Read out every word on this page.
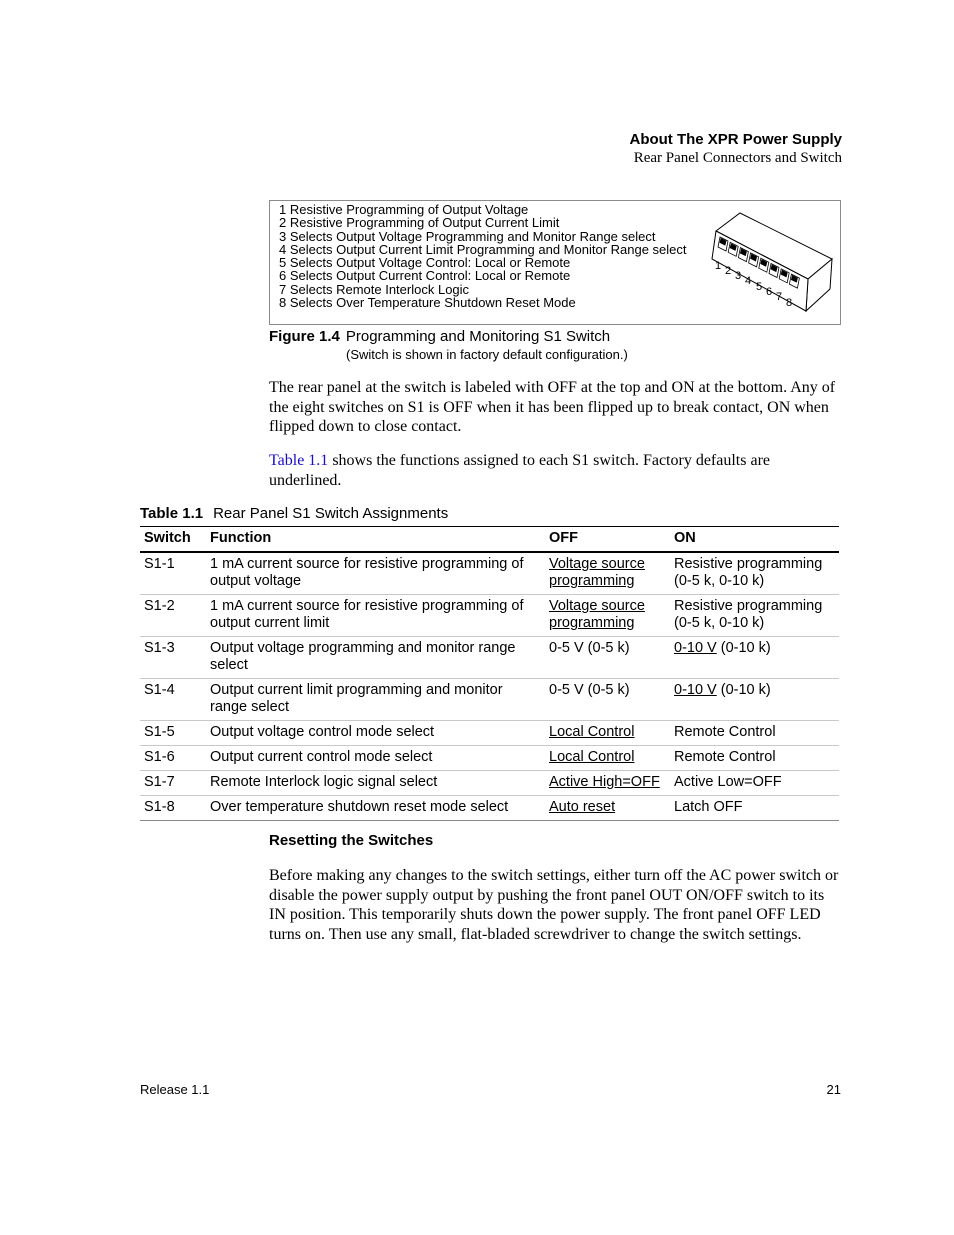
About The XPR Power Supply
Rear Panel Connectors and Switch
1 Resistive Programming of Output Voltage
2 Resistive Programming of Output Current Limit
3 Selects Output Voltage Programming and Monitor Range select
4 Selects Output Current Limit Programming and Monitor Range select
5 Selects Output Voltage Control: Local or Remote
6 Selects Output Current Control: Local or Remote
7 Selects Remote Interlock Logic
8 Selects Over Temperature Shutdown Reset Mode
1 2 3 4 5 6 7 8
Figure 1.4 Programming and Monitoring S1 Switch
(Switch is shown in factory default configuration.)

The rear panel at the switch is labeled with OFF at the top and ON at the bottom. Any of the eight switches on S1 is OFF when it has been flipped up to break contact, ON when flipped down to close contact.

Table 1.1 shows the functions assigned to each S1 switch. Factory defaults are underlined.

Table 1.1 Rear Panel S1 Switch Assignments
Switch	Function	OFF	ON
S1-1	1 mA current source for resistive programming of output voltage	Voltage source programming	Resistive programming (0-5 k, 0-10 k)
S1-2	1 mA current source for resistive programming of output current limit	Voltage source programming	Resistive programming (0-5 k, 0-10 k)
S1-3	Output voltage programming and monitor range select	0-5 V (0-5 k)	0-10 V (0-10 k)
S1-4	Output current limit programming and monitor range select	0-5 V (0-5 k)	0-10 V (0-10 k)
S1-5	Output voltage control mode select	Local Control	Remote Control
S1-6	Output current control mode select	Local Control	Remote Control
S1-7	Remote Interlock logic signal select	Active High=OFF	Active Low=OFF
S1-8	Over temperature shutdown reset mode select	Auto reset	Latch OFF
Resetting the Switches

Before making any changes to the switch settings, either turn off the AC power switch or disable the power supply output by pushing the front panel OUT ON/OFF switch to its IN position. This temporarily shuts down the power supply. The front panel OFF LED turns on. Then use any small, flat-bladed screwdriver to change the switch settings.

Release 1.1	21
